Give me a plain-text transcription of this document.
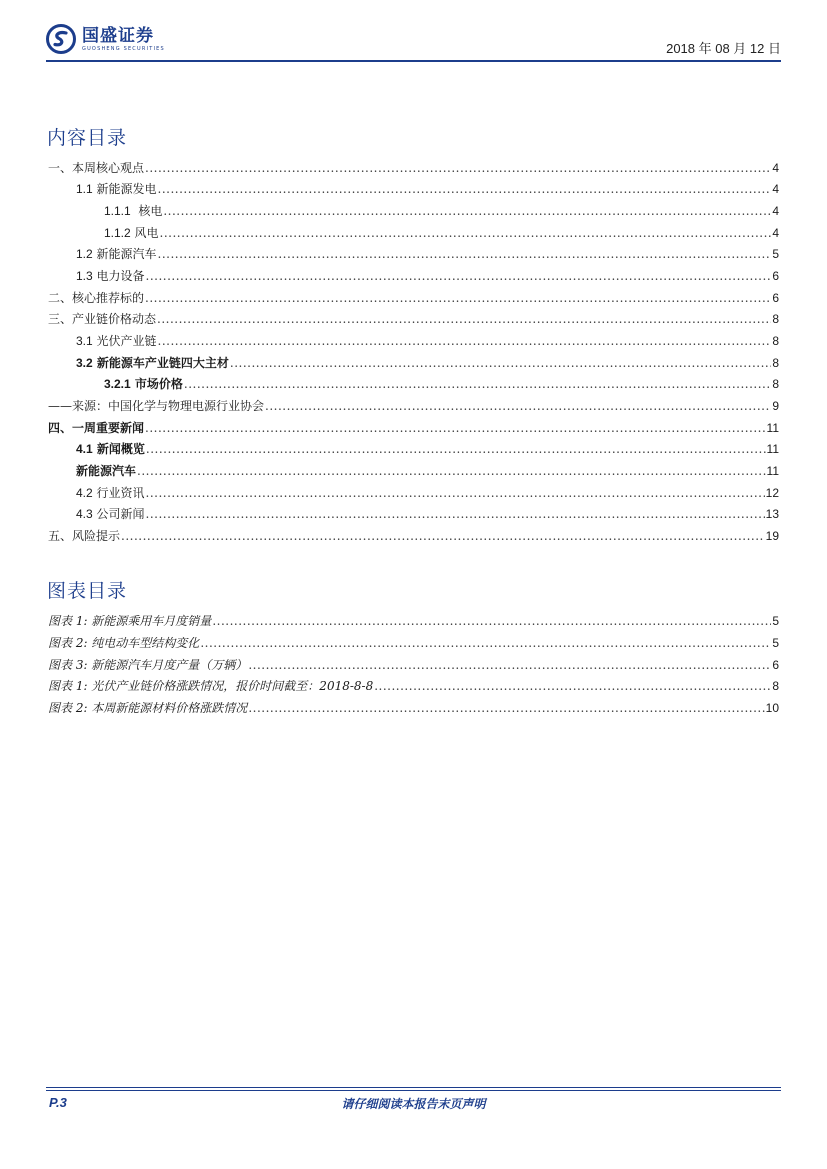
国盛证券
GUOSHENG SECURITIES	2018 年 08 月 12 日
内容目录
一、本周核心观点 .....	4
1.1 新能源发电 .....	4
1.1.1 核电 .....	4
1.1.2 风电 .....	4
1.2 新能源汽车 .....	5
1.3 电力设备 .....	6
二、核心推荐标的 .....	6
三、产业链价格动态 .....	8
3.1 光伏产业链 .....	8
3.2 新能源车产业链四大主材 .....	8
3.2.1 市场价格 .....	8
——来源：中国化学与物理电源行业协会 .....	9
四、一周重要新闻 .....	11
4.1 新闻概览 .....	11
新能源汽车 .....	11
4.2 行业资讯 .....	12
4.3 公司新闻 .....	13
五、风险提示 .....	19
图表目录
图表 1: 新能源乘用车月度销量 .....	5
图表 2: 纯电动车型结构变化 .....	5
图表 3: 新能源汽车月度产量（万辆） .....	6
图表 1: 光伏产业链价格涨跌情况，报价时间截至：2018-8-8 .....	8
图表 2: 本周新能源材料价格涨跌情况 .....	10
请仔细阅读本报告末页声明
P.3
